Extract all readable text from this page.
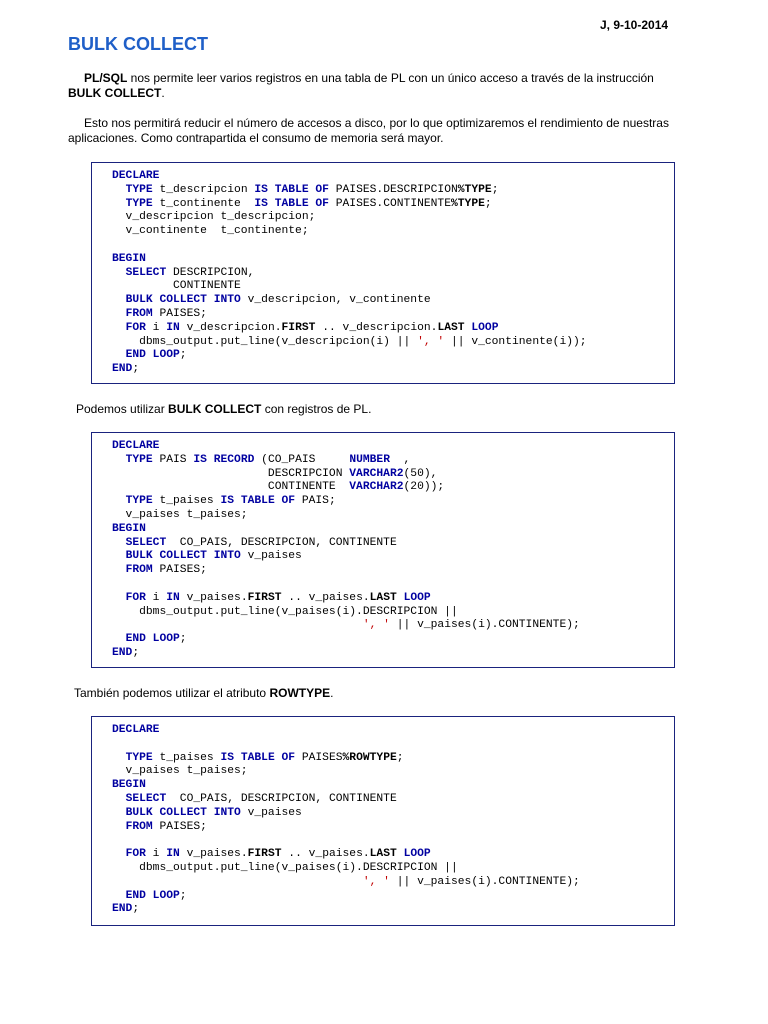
J, 9-10-2014
BULK COLLECT
PL/SQL nos permite leer varios registros en una tabla de PL con un único acceso a través de la instrucción BULK COLLECT.
Esto nos permitirá reducir el número de accesos a disco, por lo que optimizaremos el rendimiento de nuestras aplicaciones. Como contrapartida el consumo de memoria será mayor.
DECLARE
TYPE t_descripcion IS TABLE OF PAISES.DESCRIPCION%TYPE;
TYPE t_continente  IS TABLE OF PAISES.CONTINENTE%TYPE;
v_descripcion t_descripcion;
v_continente  t_continente;
BEGIN
SELECT DESCRIPCION,
CONTINENTE
BULK COLLECT INTO v_descripcion, v_continente
FROM PAISES;
FOR i IN v_descripcion.FIRST .. v_descripcion.LAST LOOP
dbms_output.put_line(v_descripcion(i) || ', ' || v_continente(i));
END LOOP;
END;
Podemos utilizar BULK COLLECT con registros de PL.
DECLARE
TYPE PAIS IS RECORD (CO_PAIS     NUMBER  ,
DESCRIPCION VARCHAR2(50),
CONTINENTE  VARCHAR2(20));
TYPE t_paises IS TABLE OF PAIS;
v_paises t_paises;
BEGIN
SELECT  CO_PAIS, DESCRIPCION, CONTINENTE
BULK COLLECT INTO v_paises
FROM PAISES;
FOR i IN v_paises.FIRST .. v_paises.LAST LOOP
dbms_output.put_line(v_paises(i).DESCRIPCION ||
', ' || v_paises(i).CONTINENTE);
END LOOP;
END;
También podemos utilizar el atributo ROWTYPE.
DECLARE
TYPE t_paises IS TABLE OF PAISES%ROWTYPE;
v_paises t_paises;
BEGIN
SELECT  CO_PAIS, DESCRIPCION, CONTINENTE
BULK COLLECT INTO v_paises
FROM PAISES;
FOR i IN v_paises.FIRST .. v_paises.LAST LOOP
dbms_output.put_line(v_paises(i).DESCRIPCION ||
', ' || v_paises(i).CONTINENTE);
END LOOP;
END;
